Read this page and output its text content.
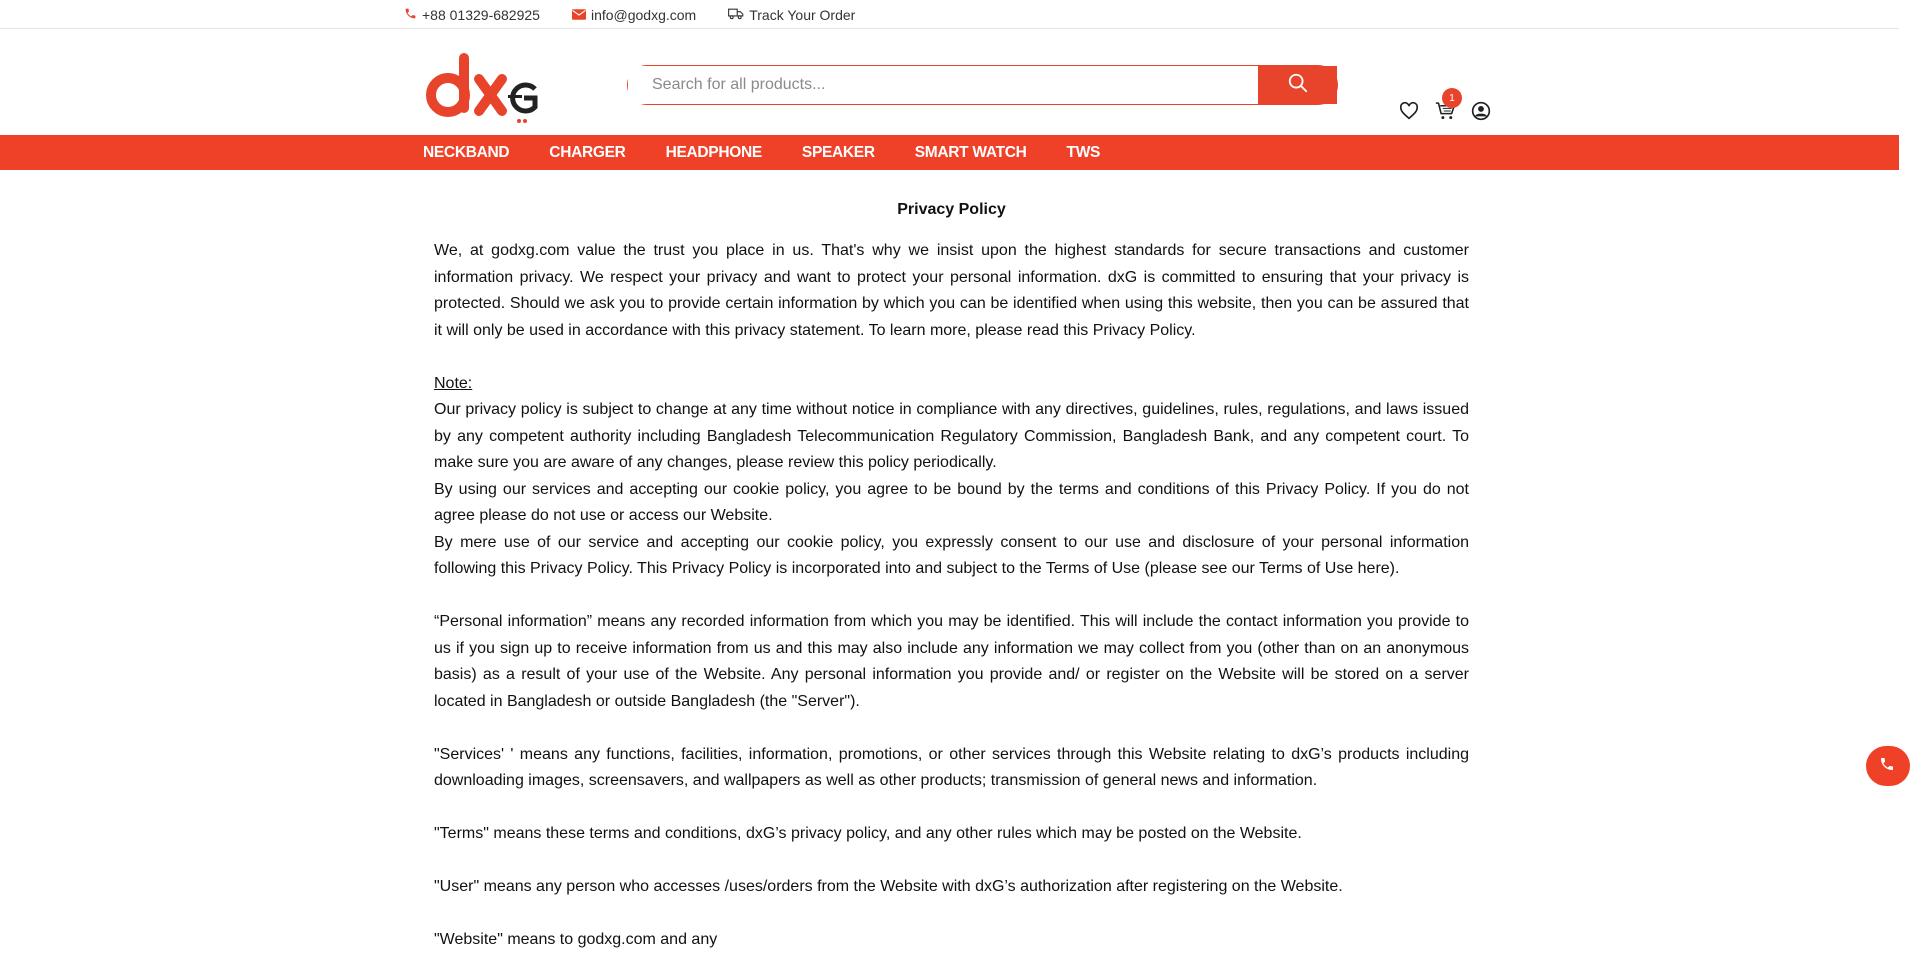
+88 01329-682925	info@godxg.com	Track Your Order
Search for all products...
1
NECKBAND	CHARGER	HEADPHONE	SPEAKER	SMART WATCH	TWS
Privacy Policy

We, at godxg.com value the trust you place in us. That's why we insist upon the highest standards for secure transactions and customer information privacy. We respect your privacy and want to protect your personal information. dxG is committed to ensuring that your privacy is protected. Should we ask you to provide certain information by which you can be identified when using this website, then you can be assured that it will only be used in accordance with this privacy statement. To learn more, please read this Privacy Policy.

Note:

Our privacy policy is subject to change at any time without notice in compliance with any directives, guidelines, rules, regulations, and laws issued by any competent authority including Bangladesh Telecommunication Regulatory Commission, Bangladesh Bank, and any competent court. To make sure you are aware of any changes, please review this policy periodically.

By using our services and accepting our cookie policy, you agree to be bound by the terms and conditions of this Privacy Policy. If you do not agree please do not use or access our Website.

By mere use of our service and accepting our cookie policy, you expressly consent to our use and disclosure of your personal information following this Privacy Policy. This Privacy Policy is incorporated into and subject to the Terms of Use (please see our Terms of Use here).

“Personal information” means any recorded information from which you may be identified. This will include the contact information you provide to us if you sign up to receive information from us and this may also include any information we may collect from you (other than on an anonymous basis) as a result of your use of the Website. Any personal information you provide and/ or register on the Website will be stored on a server located in Bangladesh or outside Bangladesh (the "Server").

"Services' ' means any functions, facilities, information, promotions, or other services through this Website relating to dxG’s products including downloading images, screensavers, and wallpapers as well as other products; transmission of general news and information.

"Terms" means these terms and conditions, dxG’s privacy policy, and any other rules which may be posted on the Website.

"User" means any person who accesses /uses/orders from the Website with dxG’s authorization after registering on the Website.

"Website" means to godxg.com and any
